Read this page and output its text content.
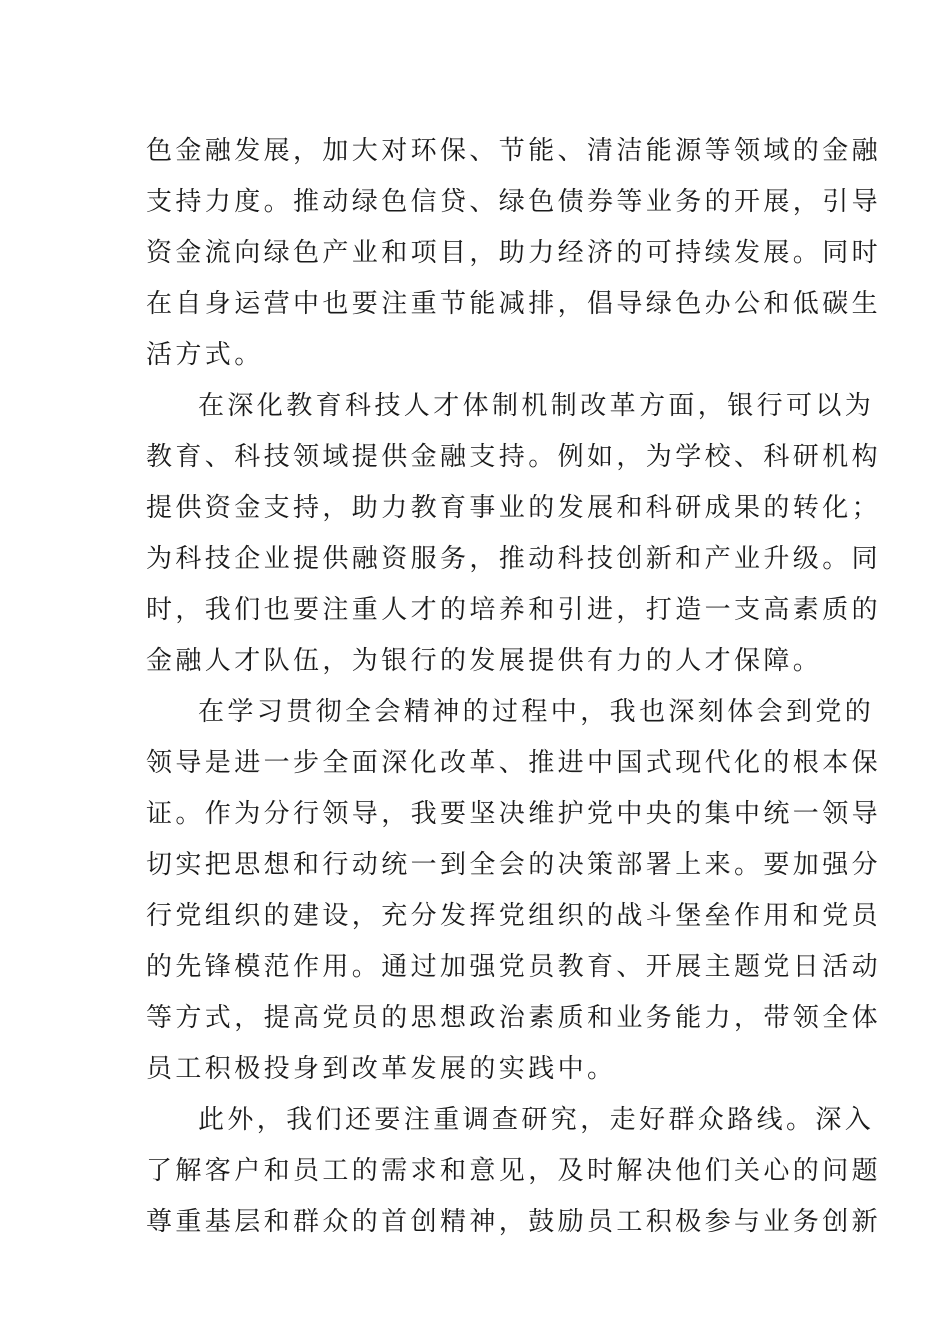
色金融发展，加大对环保、节能、清洁能源等领域的金融
支持力度。推动绿色信贷、绿色债券等业务的开展，引导
资金流向绿色产业和项目，助力经济的可持续发展。同时
在自身运营中也要注重节能减排，倡导绿色办公和低碳生
活方式。
在深化教育科技人才体制机制改革方面，银行可以为
教育、科技领域提供金融支持。例如，为学校、科研机构
提供资金支持，助力教育事业的发展和科研成果的转化；
为科技企业提供融资服务，推动科技创新和产业升级。同
时，我们也要注重人才的培养和引进，打造一支高素质的
金融人才队伍，为银行的发展提供有力的人才保障。
在学习贯彻全会精神的过程中，我也深刻体会到党的
领导是进一步全面深化改革、推进中国式现代化的根本保
证。作为分行领导，我要坚决维护党中央的集中统一领导
切实把思想和行动统一到全会的决策部署上来。要加强分
行党组织的建设，充分发挥党组织的战斗堡垒作用和党员
的先锋模范作用。通过加强党员教育、开展主题党日活动
等方式，提高党员的思想政治素质和业务能力，带领全体
员工积极投身到改革发展的实践中。
此外，我们还要注重调查研究，走好群众路线。深入
了解客户和员工的需求和意见，及时解决他们关心的问题
尊重基层和群众的首创精神，鼓励员工积极参与业务创新
